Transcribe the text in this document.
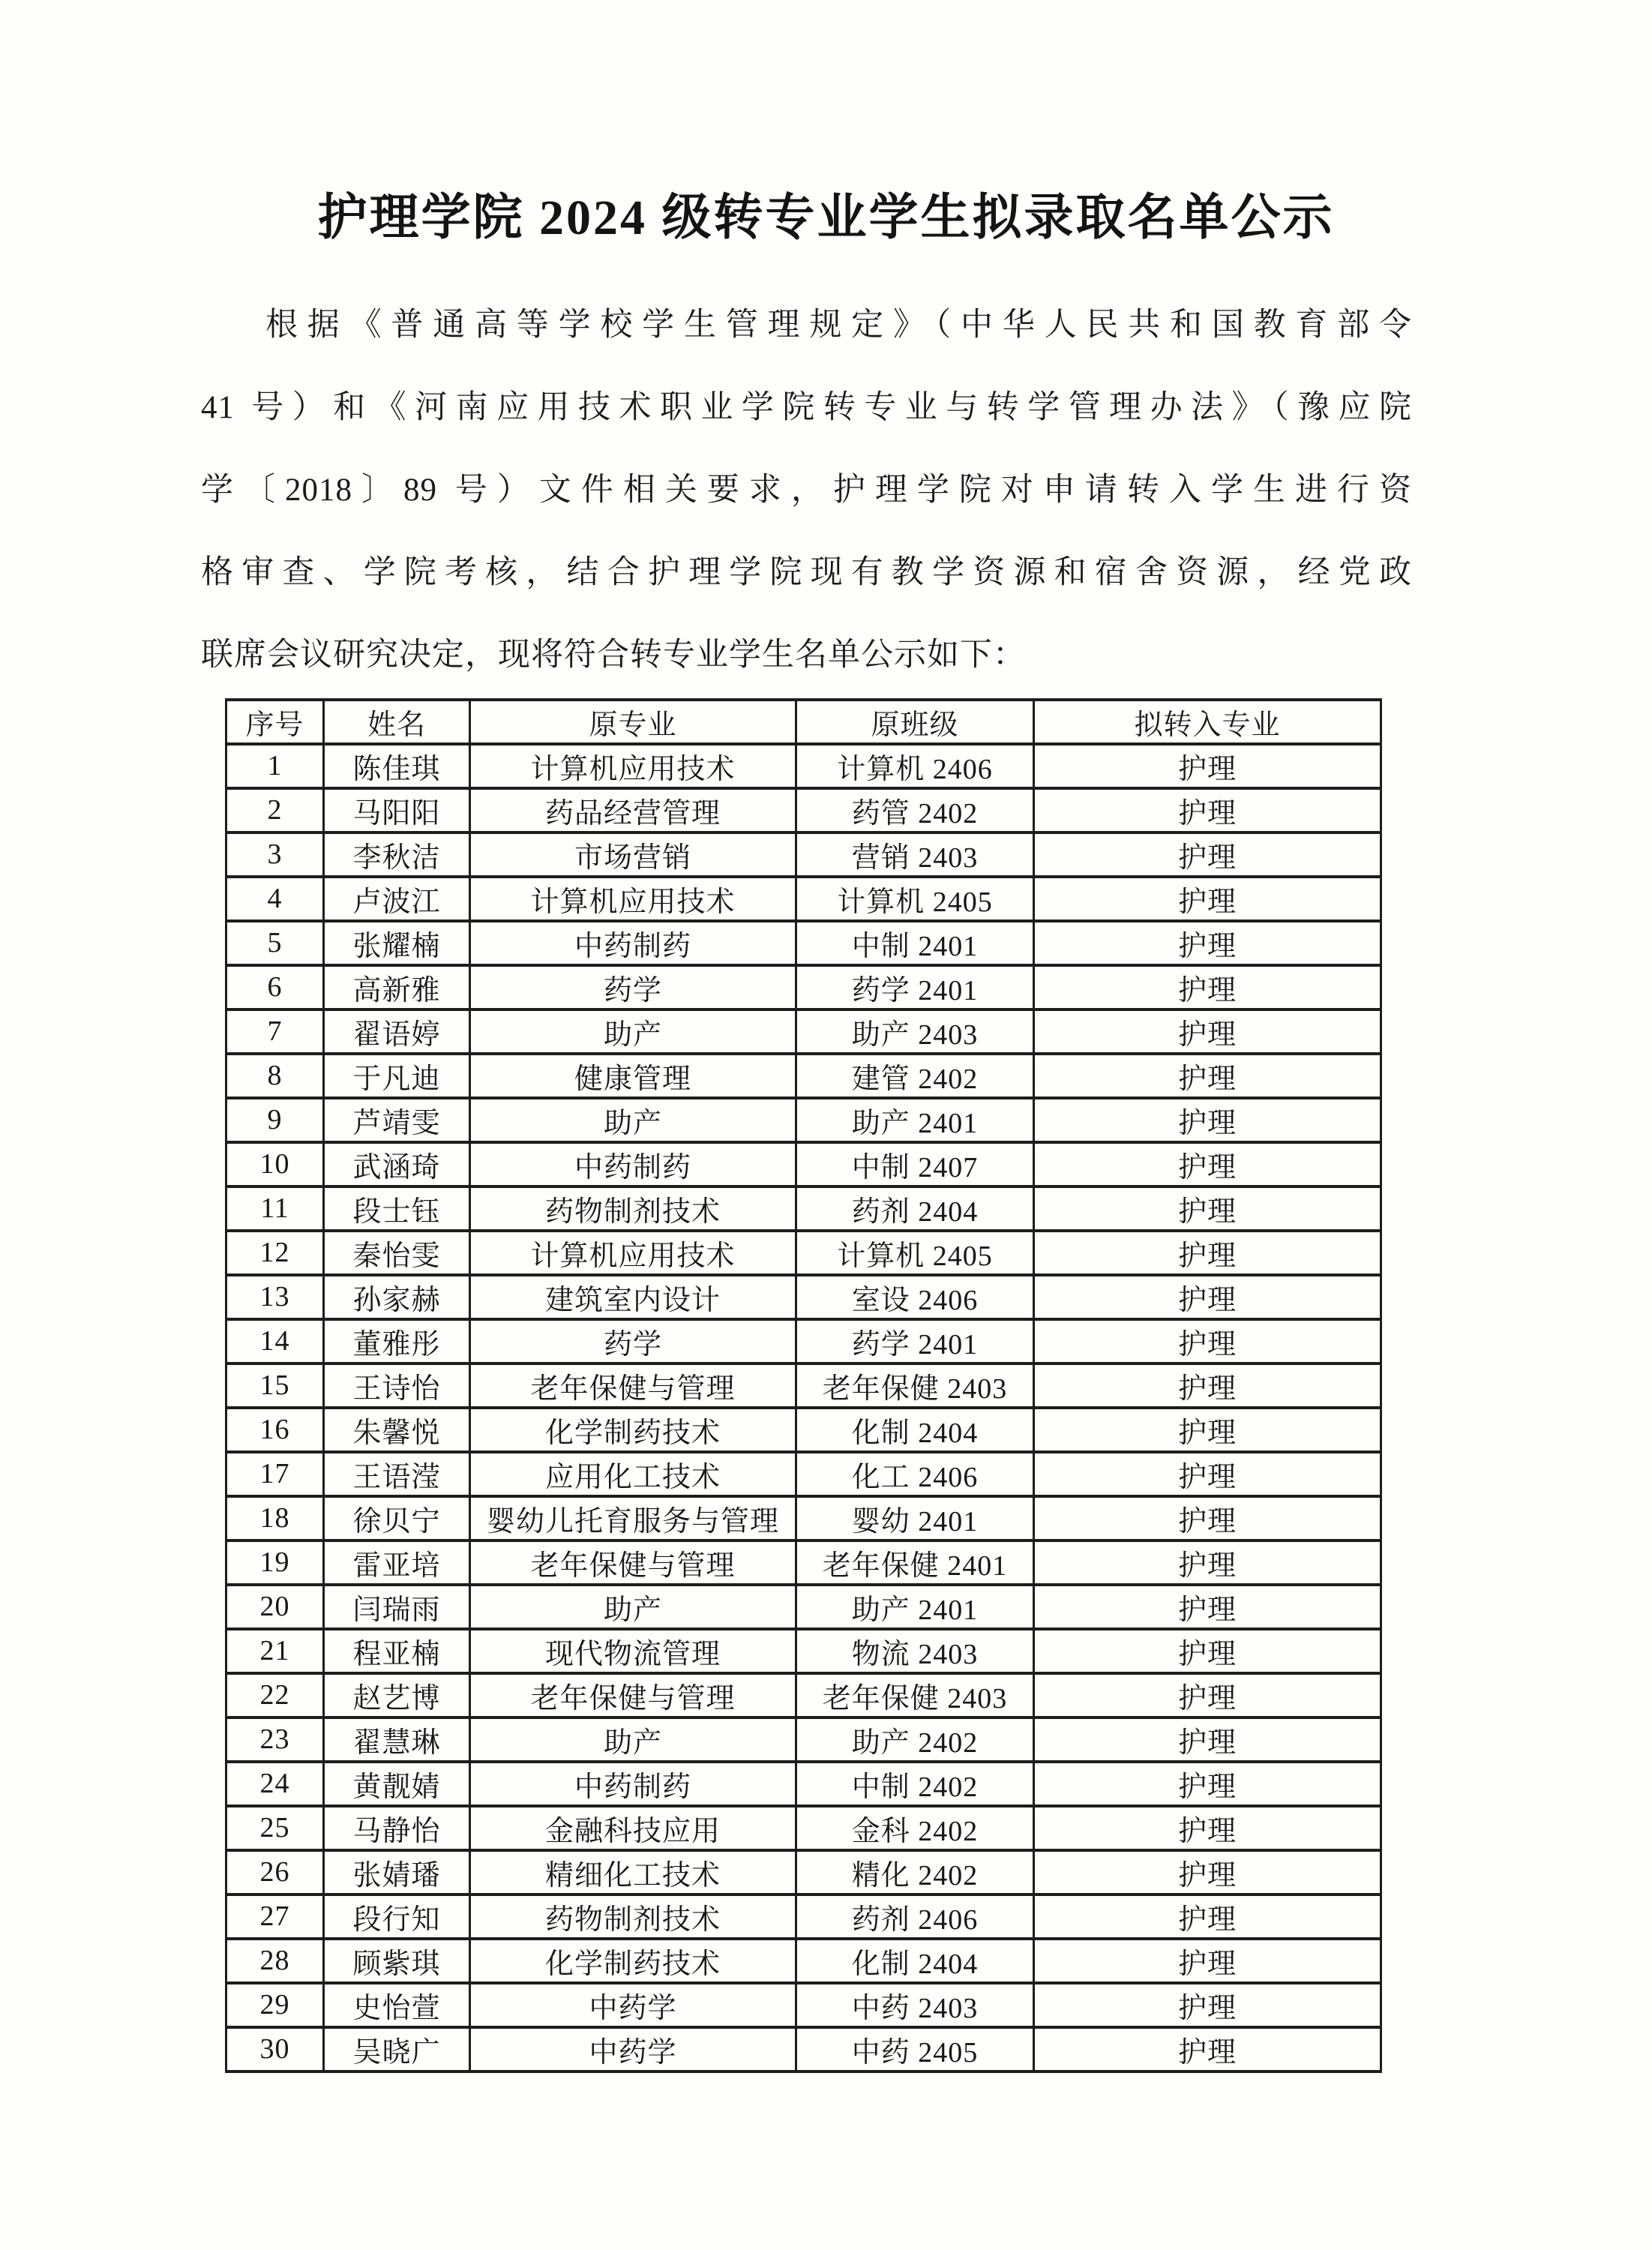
护理学院 2024 级转专业学生拟录取名单公示
根据《普通高等学校学生管理规定》（中华人民共和国教育部令
41 号）和《河南应用技术职业学院转专业与转学管理办法》（豫应院
学〔2018〕89 号）文件相关要求，护理学院对申请转入学生进行资
格审查、学院考核，结合护理学院现有教学资源和宿舍资源，经党政
联席会议研究决定，现将符合转专业学生名单公示如下：
序号	姓名	原专业	原班级	拟转入专业
1	陈佳琪	计算机应用技术	计算机 2406	护理
2	马阳阳	药品经营管理	药管 2402	护理
3	李秋洁	市场营销	营销 2403	护理
4	卢波江	计算机应用技术	计算机 2405	护理
5	张耀楠	中药制药	中制 2401	护理
6	高新雅	药学	药学 2401	护理
7	翟语婷	助产	助产 2403	护理
8	于凡迪	健康管理	建管 2402	护理
9	芦靖雯	助产	助产 2401	护理
10	武涵琦	中药制药	中制 2407	护理
11	段士钰	药物制剂技术	药剂 2404	护理
12	秦怡雯	计算机应用技术	计算机 2405	护理
13	孙家赫	建筑室内设计	室设 2406	护理
14	董雅彤	药学	药学 2401	护理
15	王诗怡	老年保健与管理	老年保健 2403	护理
16	朱馨悦	化学制药技术	化制 2404	护理
17	王语滢	应用化工技术	化工 2406	护理
18	徐贝宁	婴幼儿托育服务与管理	婴幼 2401	护理
19	雷亚培	老年保健与管理	老年保健 2401	护理
20	闫瑞雨	助产	助产 2401	护理
21	程亚楠	现代物流管理	物流 2403	护理
22	赵艺博	老年保健与管理	老年保健 2403	护理
23	翟慧琳	助产	助产 2402	护理
24	黄靓婧	中药制药	中制 2402	护理
25	马静怡	金融科技应用	金科 2402	护理
26	张婧璠	精细化工技术	精化 2402	护理
27	段行知	药物制剂技术	药剂 2406	护理
28	顾紫琪	化学制药技术	化制 2404	护理
29	史怡萱	中药学	中药 2403	护理
30	吴晓广	中药学	中药 2405	护理
